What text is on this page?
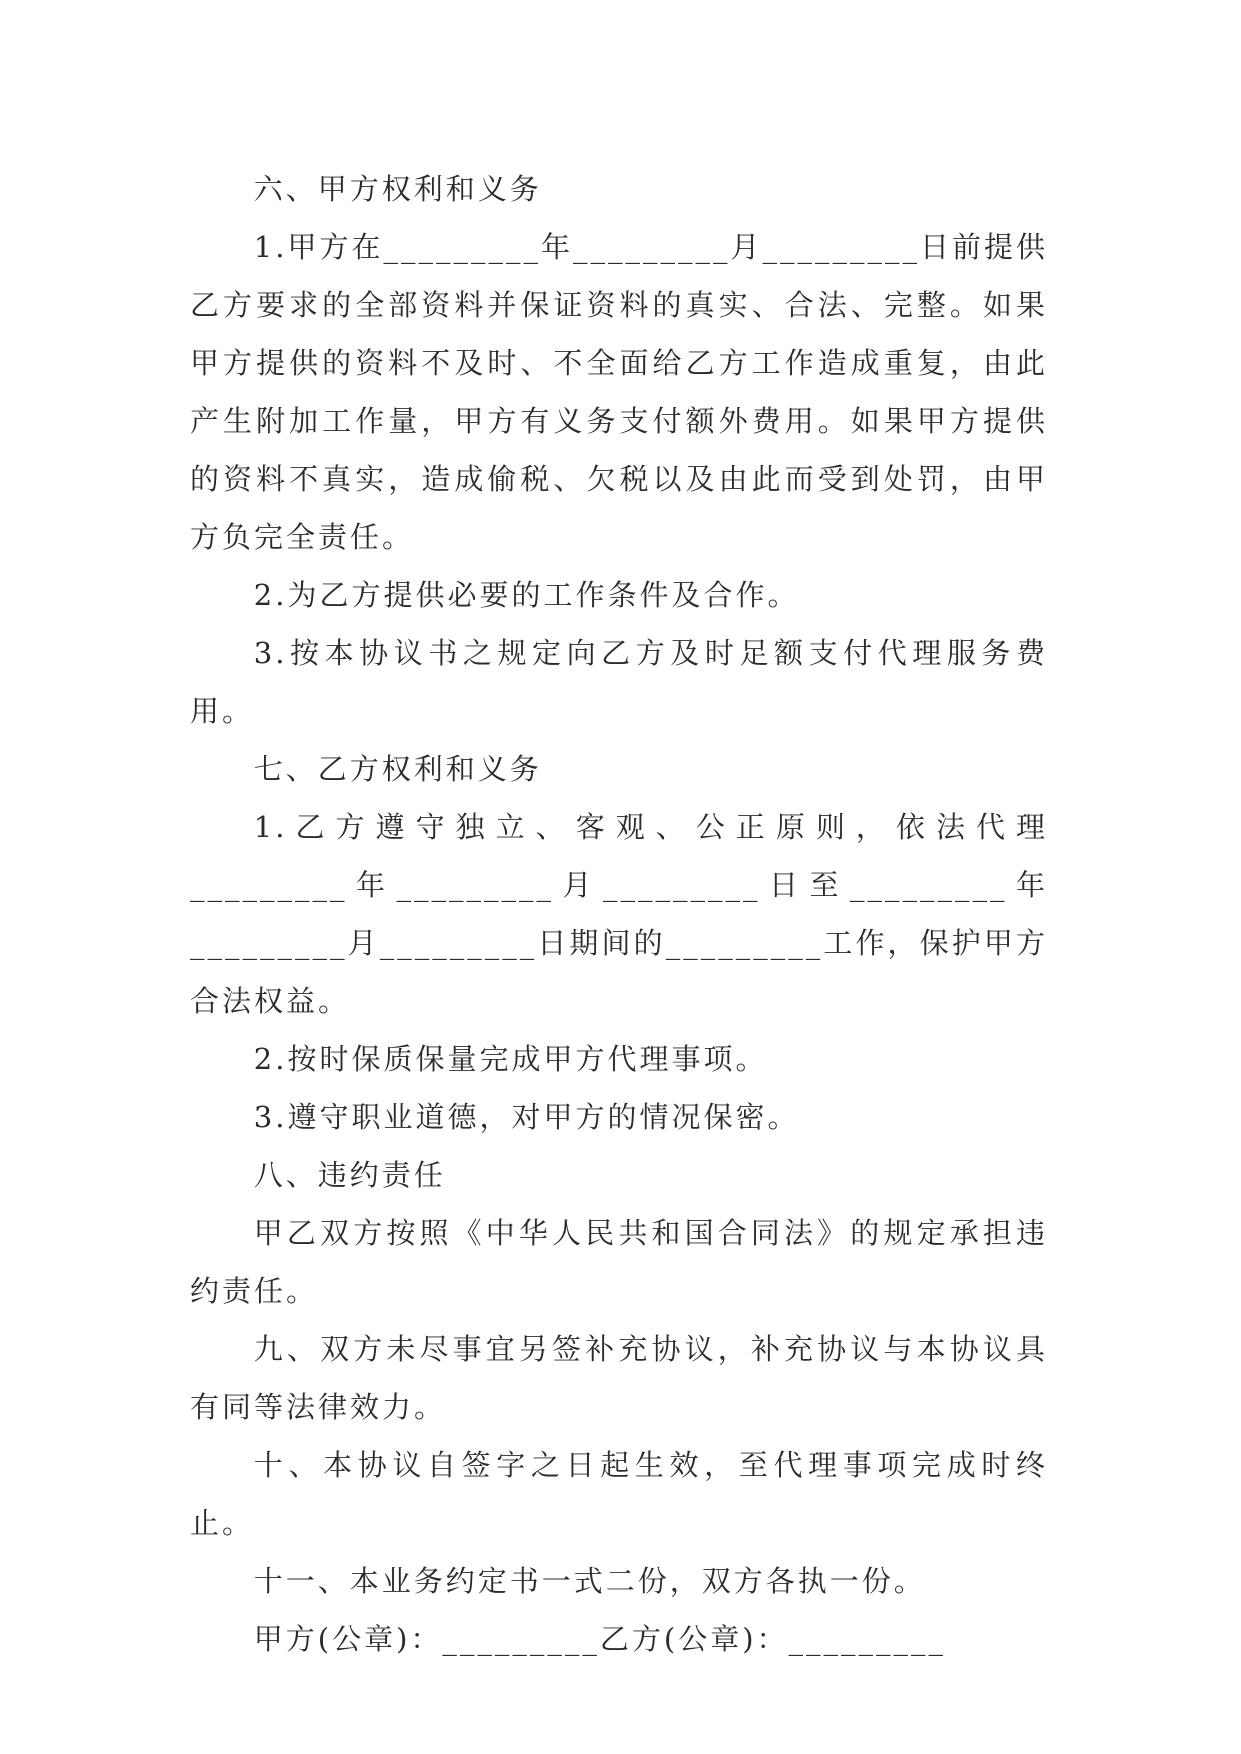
六、甲方权利和义务

1.甲方在_________年_________月_________日前提供乙方要求的全部资料并保证资料的真实、合法、完整。如果甲方提供的资料不及时、不全面给乙方工作造成重复，由此产生附加工作量，甲方有义务支付额外费用。如果甲方提供的资料不真实，造成偷税、欠税以及由此而受到处罚，由甲方负完全责任。

2.为乙方提供必要的工作条件及合作。

3.按本协议书之规定向乙方及时足额支付代理服务费用。

七、乙方权利和义务

1.乙方遵守独立、客观、公正原则，依法代理_________年_________月_________日至_________年_________月_________日期间的_________工作，保护甲方合法权益。

2.按时保质保量完成甲方代理事项。

3.遵守职业道德，对甲方的情况保密。

八、违约责任

甲乙双方按照《中华人民共和国合同法》的规定承担违约责任。

九、双方未尽事宜另签补充协议，补充协议与本协议具有同等法律效力。

十、本协议自签字之日起生效，至代理事项完成时终止。

十一、本业务约定书一式二份，双方各执一份。

甲方(公章)：_________乙方(公章)：_________
